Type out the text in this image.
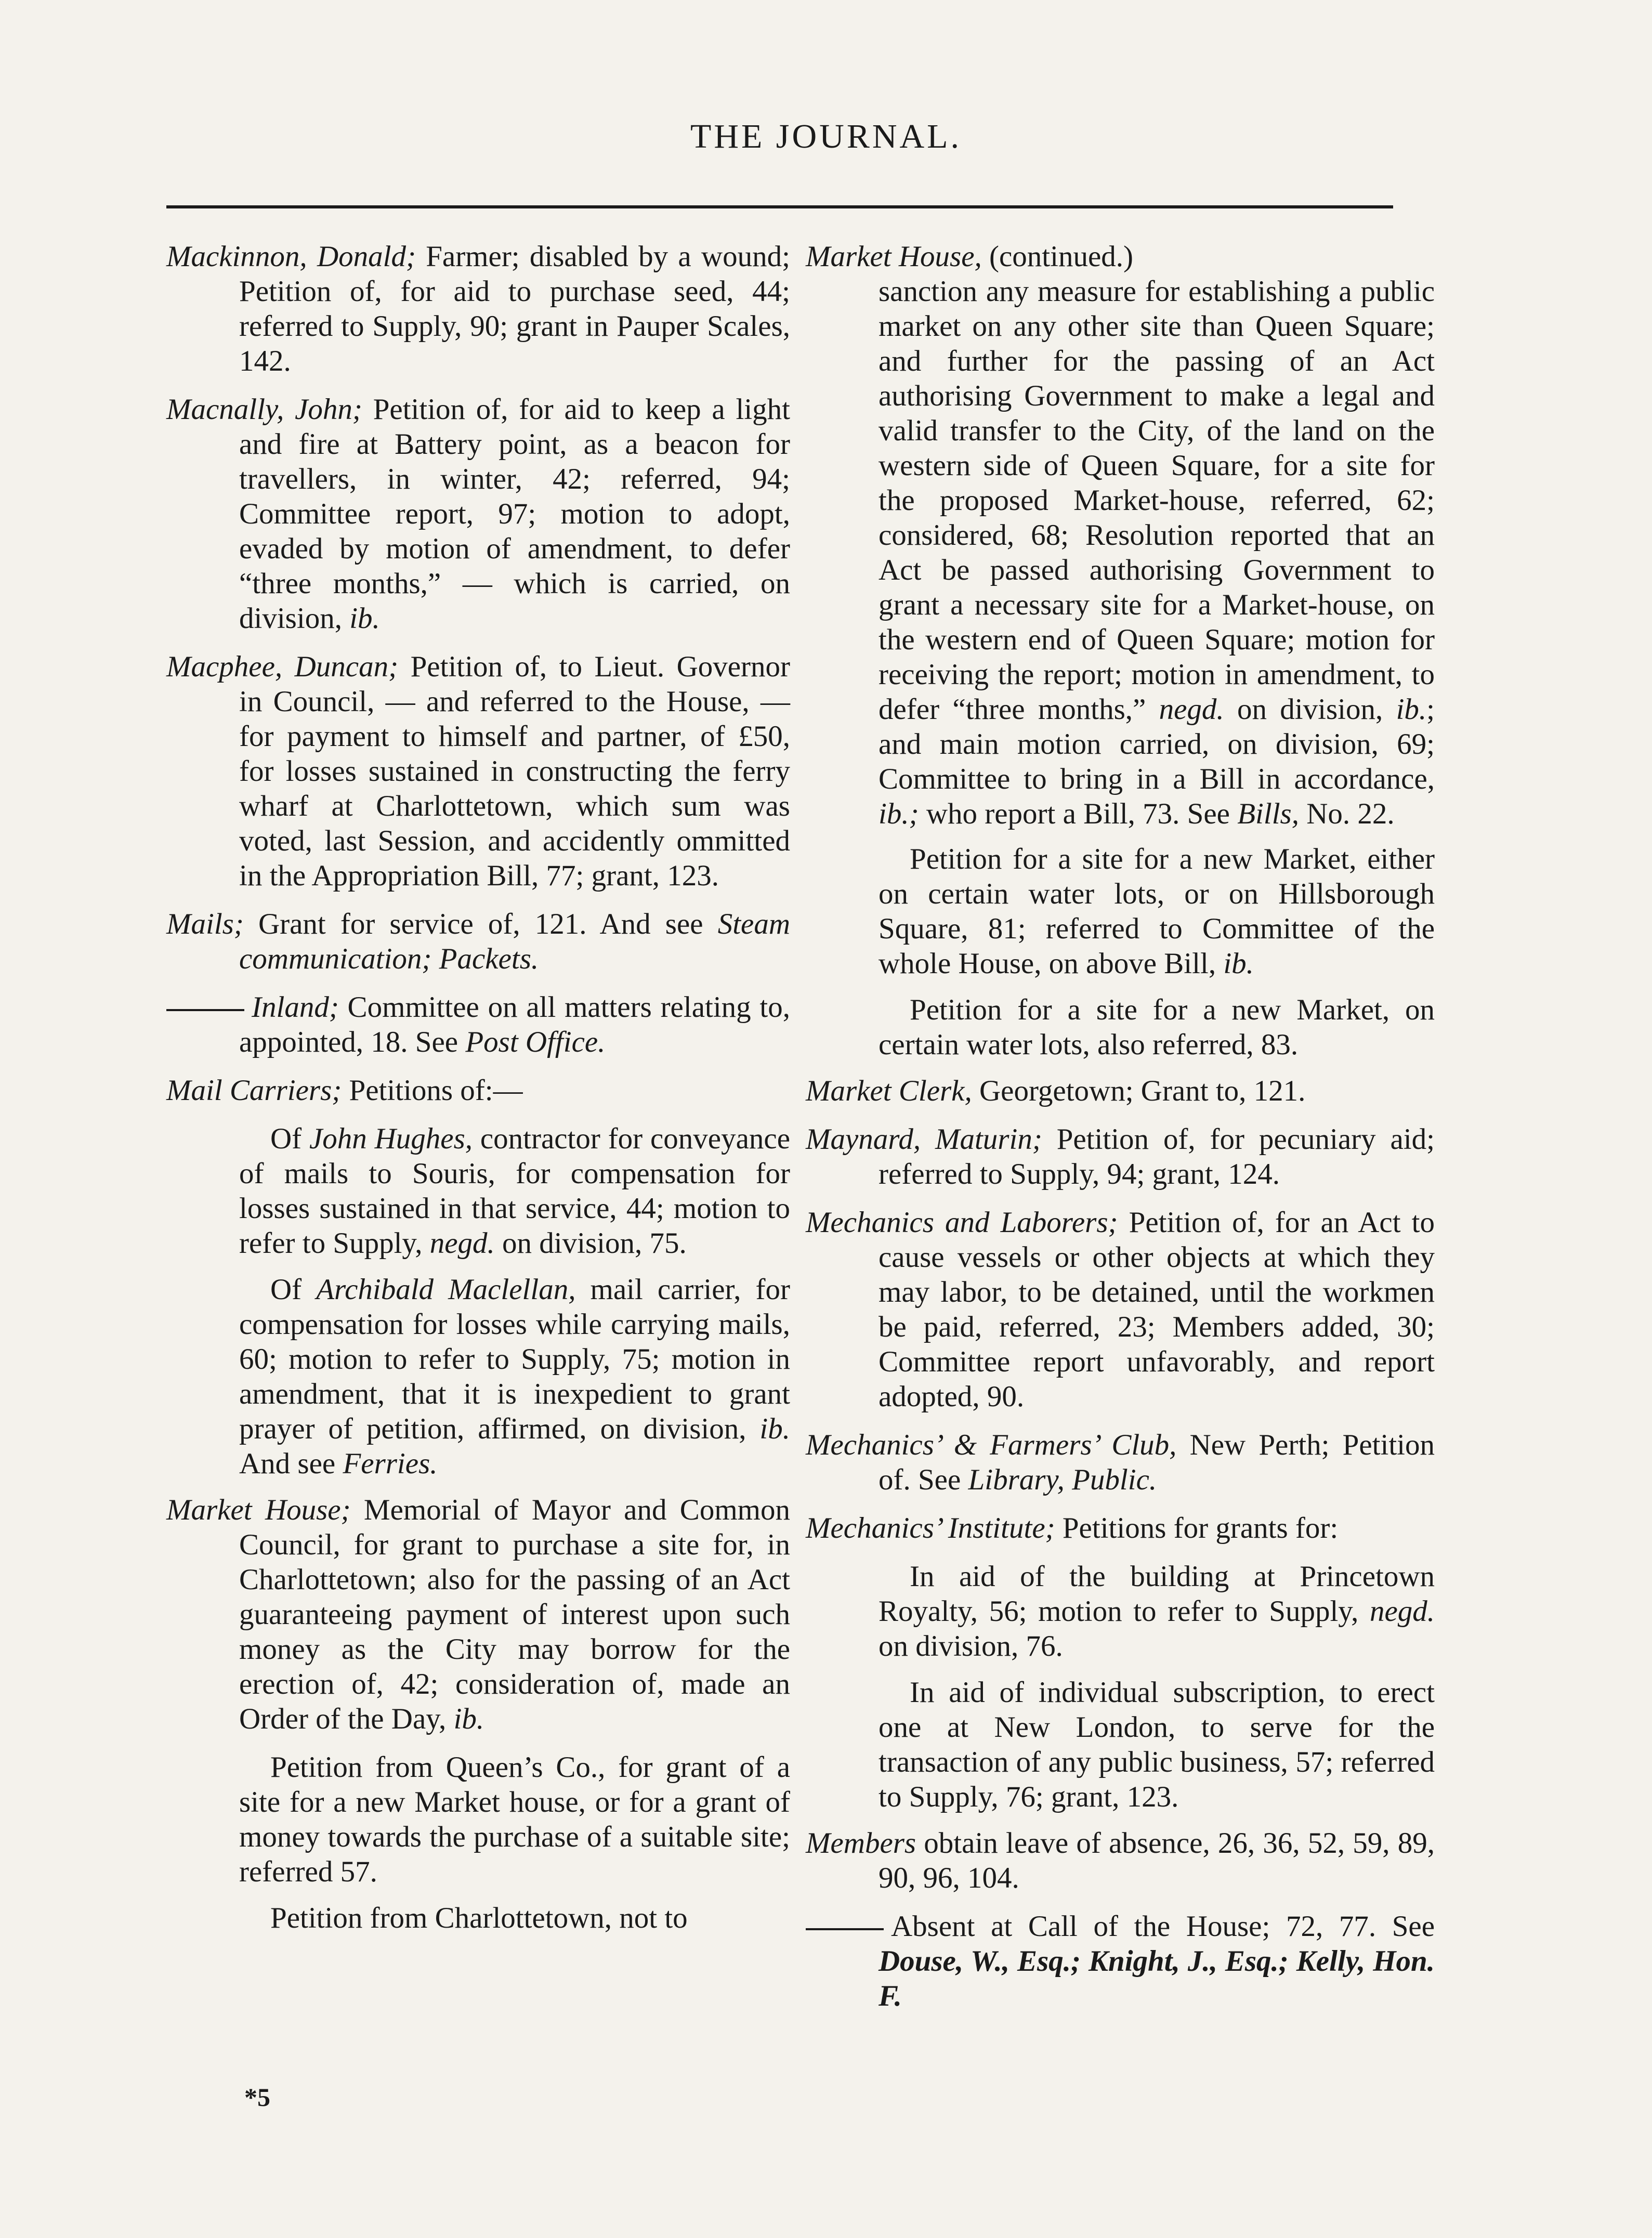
THE JOURNAL.

Mackinnon, Donald; Farmer; disabled by a wound; Petition of, for aid to purchase seed, 44; referred to Supply, 90; grant in Pauper Scales, 142.

Macnally, John; Petition of, for aid to keep a light and fire at Battery point, as a beacon for travellers, in winter, 42; referred, 94; Committee report, 97; motion to adopt, evaded by motion of amendment, to defer “three months,” — which is carried, on division, ib.

Macphee, Duncan; Petition of, to Lieut. Governor in Council, — and referred to the House, — for payment to himself and partner, of £50, for losses sustained in constructing the ferry wharf at Charlottetown, which sum was voted, last Session, and accidently ommitted in the Appropriation Bill, 77; grant, 123.

Mails; Grant for service of, 121. And see Steam communication; Packets.

Inland; Committee on all matters relating to, appointed, 18. See Post Office.

Mail Carriers; Petitions of:—

Of John Hughes, contractor for conveyance of mails to Souris, for compensation for losses sustained in that service, 44; motion to refer to Supply, negd. on division, 75.

Of Archibald Maclellan, mail carrier, for compensation for losses while carrying mails, 60; motion to refer to Supply, 75; motion in amendment, that it is inexpedient to grant prayer of petition, affirmed, on division, ib. And see Ferries.

Market House; Memorial of Mayor and Common Council, for grant to purchase a site for, in Charlottetown; also for the passing of an Act guaranteeing payment of interest upon such money as the City may borrow for the erection of, 42; consideration of, made an Order of the Day, ib.

Petition from Queen’s Co., for grant of a site for a new Market house, or for a grant of money towards the purchase of a suitable site; referred 57.

Petition from Charlottetown, not to

Market House, (continued.)

sanction any measure for establishing a public market on any other site than Queen Square; and further for the passing of an Act authorising Government to make a legal and valid transfer to the City, of the land on the western side of Queen Square, for a site for the proposed Market-house, referred, 62; considered, 68; Resolution reported that an Act be passed authorising Government to grant a necessary site for a Market-house, on the western end of Queen Square; motion for receiving the report; motion in amendment, to defer “three months,” negd. on division, ib.; and main motion carried, on division, 69; Committee to bring in a Bill in accordance, ib.; who report a Bill, 73. See Bills, No. 22.

Petition for a site for a new Market, either on certain water lots, or on Hillsborough Square, 81; referred to Committee of the whole House, on above Bill, ib.

Petition for a site for a new Market, on certain water lots, also referred, 83.

Market Clerk, Georgetown; Grant to, 121.

Maynard, Maturin; Petition of, for pecuniary aid; referred to Supply, 94; grant, 124.

Mechanics and Laborers; Petition of, for an Act to cause vessels or other objects at which they may labor, to be detained, until the workmen be paid, referred, 23; Members added, 30; Committee report unfavorably, and report adopted, 90.

Mechanics’ & Farmers’ Club, New Perth; Petition of. See Library, Public.

Mechanics’ Institute; Petitions for grants for:

In aid of the building at Princetown Royalty, 56; motion to refer to Supply, negd. on division, 76.

In aid of individual subscription, to erect one at New London, to serve for the transaction of any public business, 57; referred to Supply, 76; grant, 123.

Members obtain leave of absence, 26, 36, 52, 59, 89, 90, 96, 104.

Absent at Call of the House; 72, 77. See Douse, W., Esq.; Knight, J., Esq.; Kelly, Hon. F.

*5
